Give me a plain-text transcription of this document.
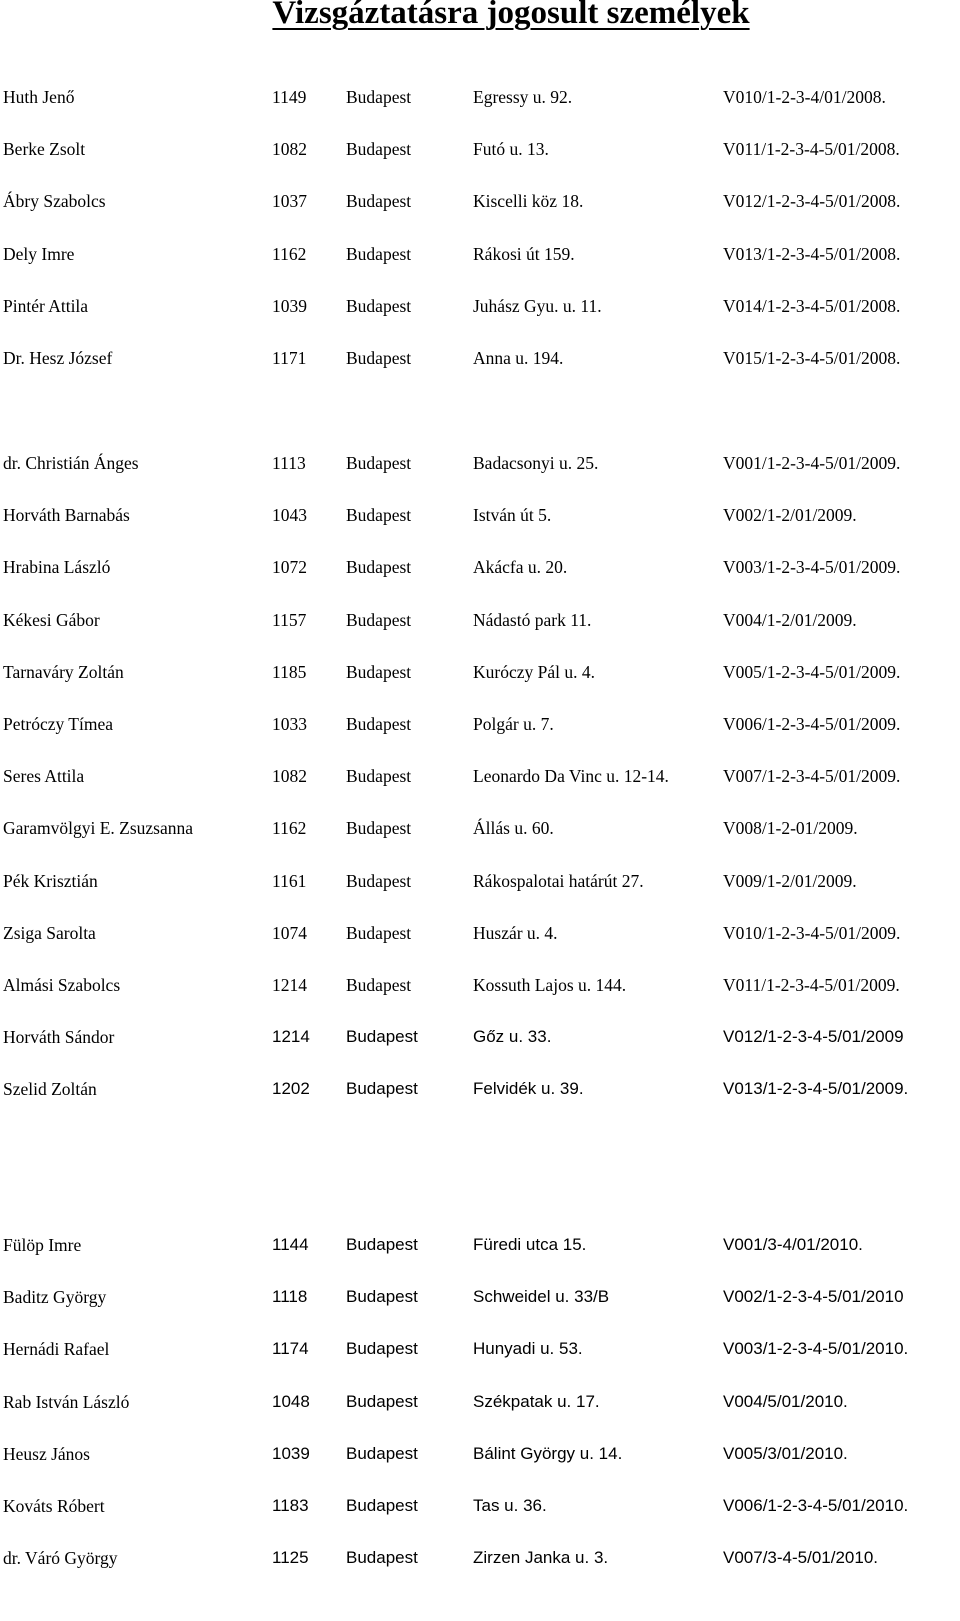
Vizsgáztatásra jogosult személyek
Huth Jenő	1149 Budapest	Egressy u. 92.	V010/1-2-3-4/01/2008.
Berke Zsolt	1082 Budapest	Futó u. 13.	V011/1-2-3-4-5/01/2008.
Ábry Szabolcs	1037 Budapest	Kiscelli köz 18.	V012/1-2-3-4-5/01/2008.
Dely Imre	1162 Budapest	Rákosi út 159.	V013/1-2-3-4-5/01/2008.
Pintér Attila	1039 Budapest	Juhász Gyu. u. 11.	V014/1-2-3-4-5/01/2008.
Dr. Hesz József	1171 Budapest	Anna u. 194.	V015/1-2-3-4-5/01/2008.
dr. Christián Ánges	1113 Budapest	Badacsonyi u. 25.	V001/1-2-3-4-5/01/2009.
Horváth Barnabás	1043 Budapest	István út 5.	V002/1-2/01/2009.
Hrabina László	1072 Budapest	Akácfa u. 20.	V003/1-2-3-4-5/01/2009.
Kékesi Gábor	1157 Budapest	Nádastó park 11.	V004/1-2/01/2009.
Tarnaváry Zoltán	1185 Budapest	Kuróczy Pál u. 4.	V005/1-2-3-4-5/01/2009.
Petróczy Tímea	1033 Budapest	Polgár u. 7.	V006/1-2-3-4-5/01/2009.
Seres Attila	1082 Budapest	Leonardo Da Vinc u. 12-14.	V007/1-2-3-4-5/01/2009.
Garamvölgyi E. Zsuzsanna	1162 Budapest	Állás u. 60.	V008/1-2-01/2009.
Pék Krisztián	1161 Budapest	Rákospalotai határút 27.	V009/1-2/01/2009.
Zsiga Sarolta	1074 Budapest	Huszár u. 4.	V010/1-2-3-4-5/01/2009.
Almási Szabolcs	1214 Budapest	Kossuth Lajos u. 144.	V011/1-2-3-4-5/01/2009.
Horváth Sándor	1214 Budapest	Gőz u. 33.	V012/1-2-3-4-5/01/2009
Szelid Zoltán	1202 Budapest	Felvidék u. 39.	V013/1-2-3-4-5/01/2009.
Fülöp Imre	1144 Budapest	Füredi utca 15.	V001/3-4/01/2010.
Baditz György	1118 Budapest	Schweidel u. 33/B	V002/1-2-3-4-5/01/2010
Hernádi Rafael	1174 Budapest	Hunyadi u. 53.	V003/1-2-3-4-5/01/2010.
Rab István László	1048 Budapest	Székpatak u. 17.	V004/5/01/2010.
Heusz János	1039 Budapest	Bálint György u. 14.	V005/3/01/2010.
Kováts Róbert	1183 Budapest	Tas u. 36.	V006/1-2-3-4-5/01/2010.
dr. Váró György	1125 Budapest	Zirzen Janka u. 3.	V007/3-4-5/01/2010.
